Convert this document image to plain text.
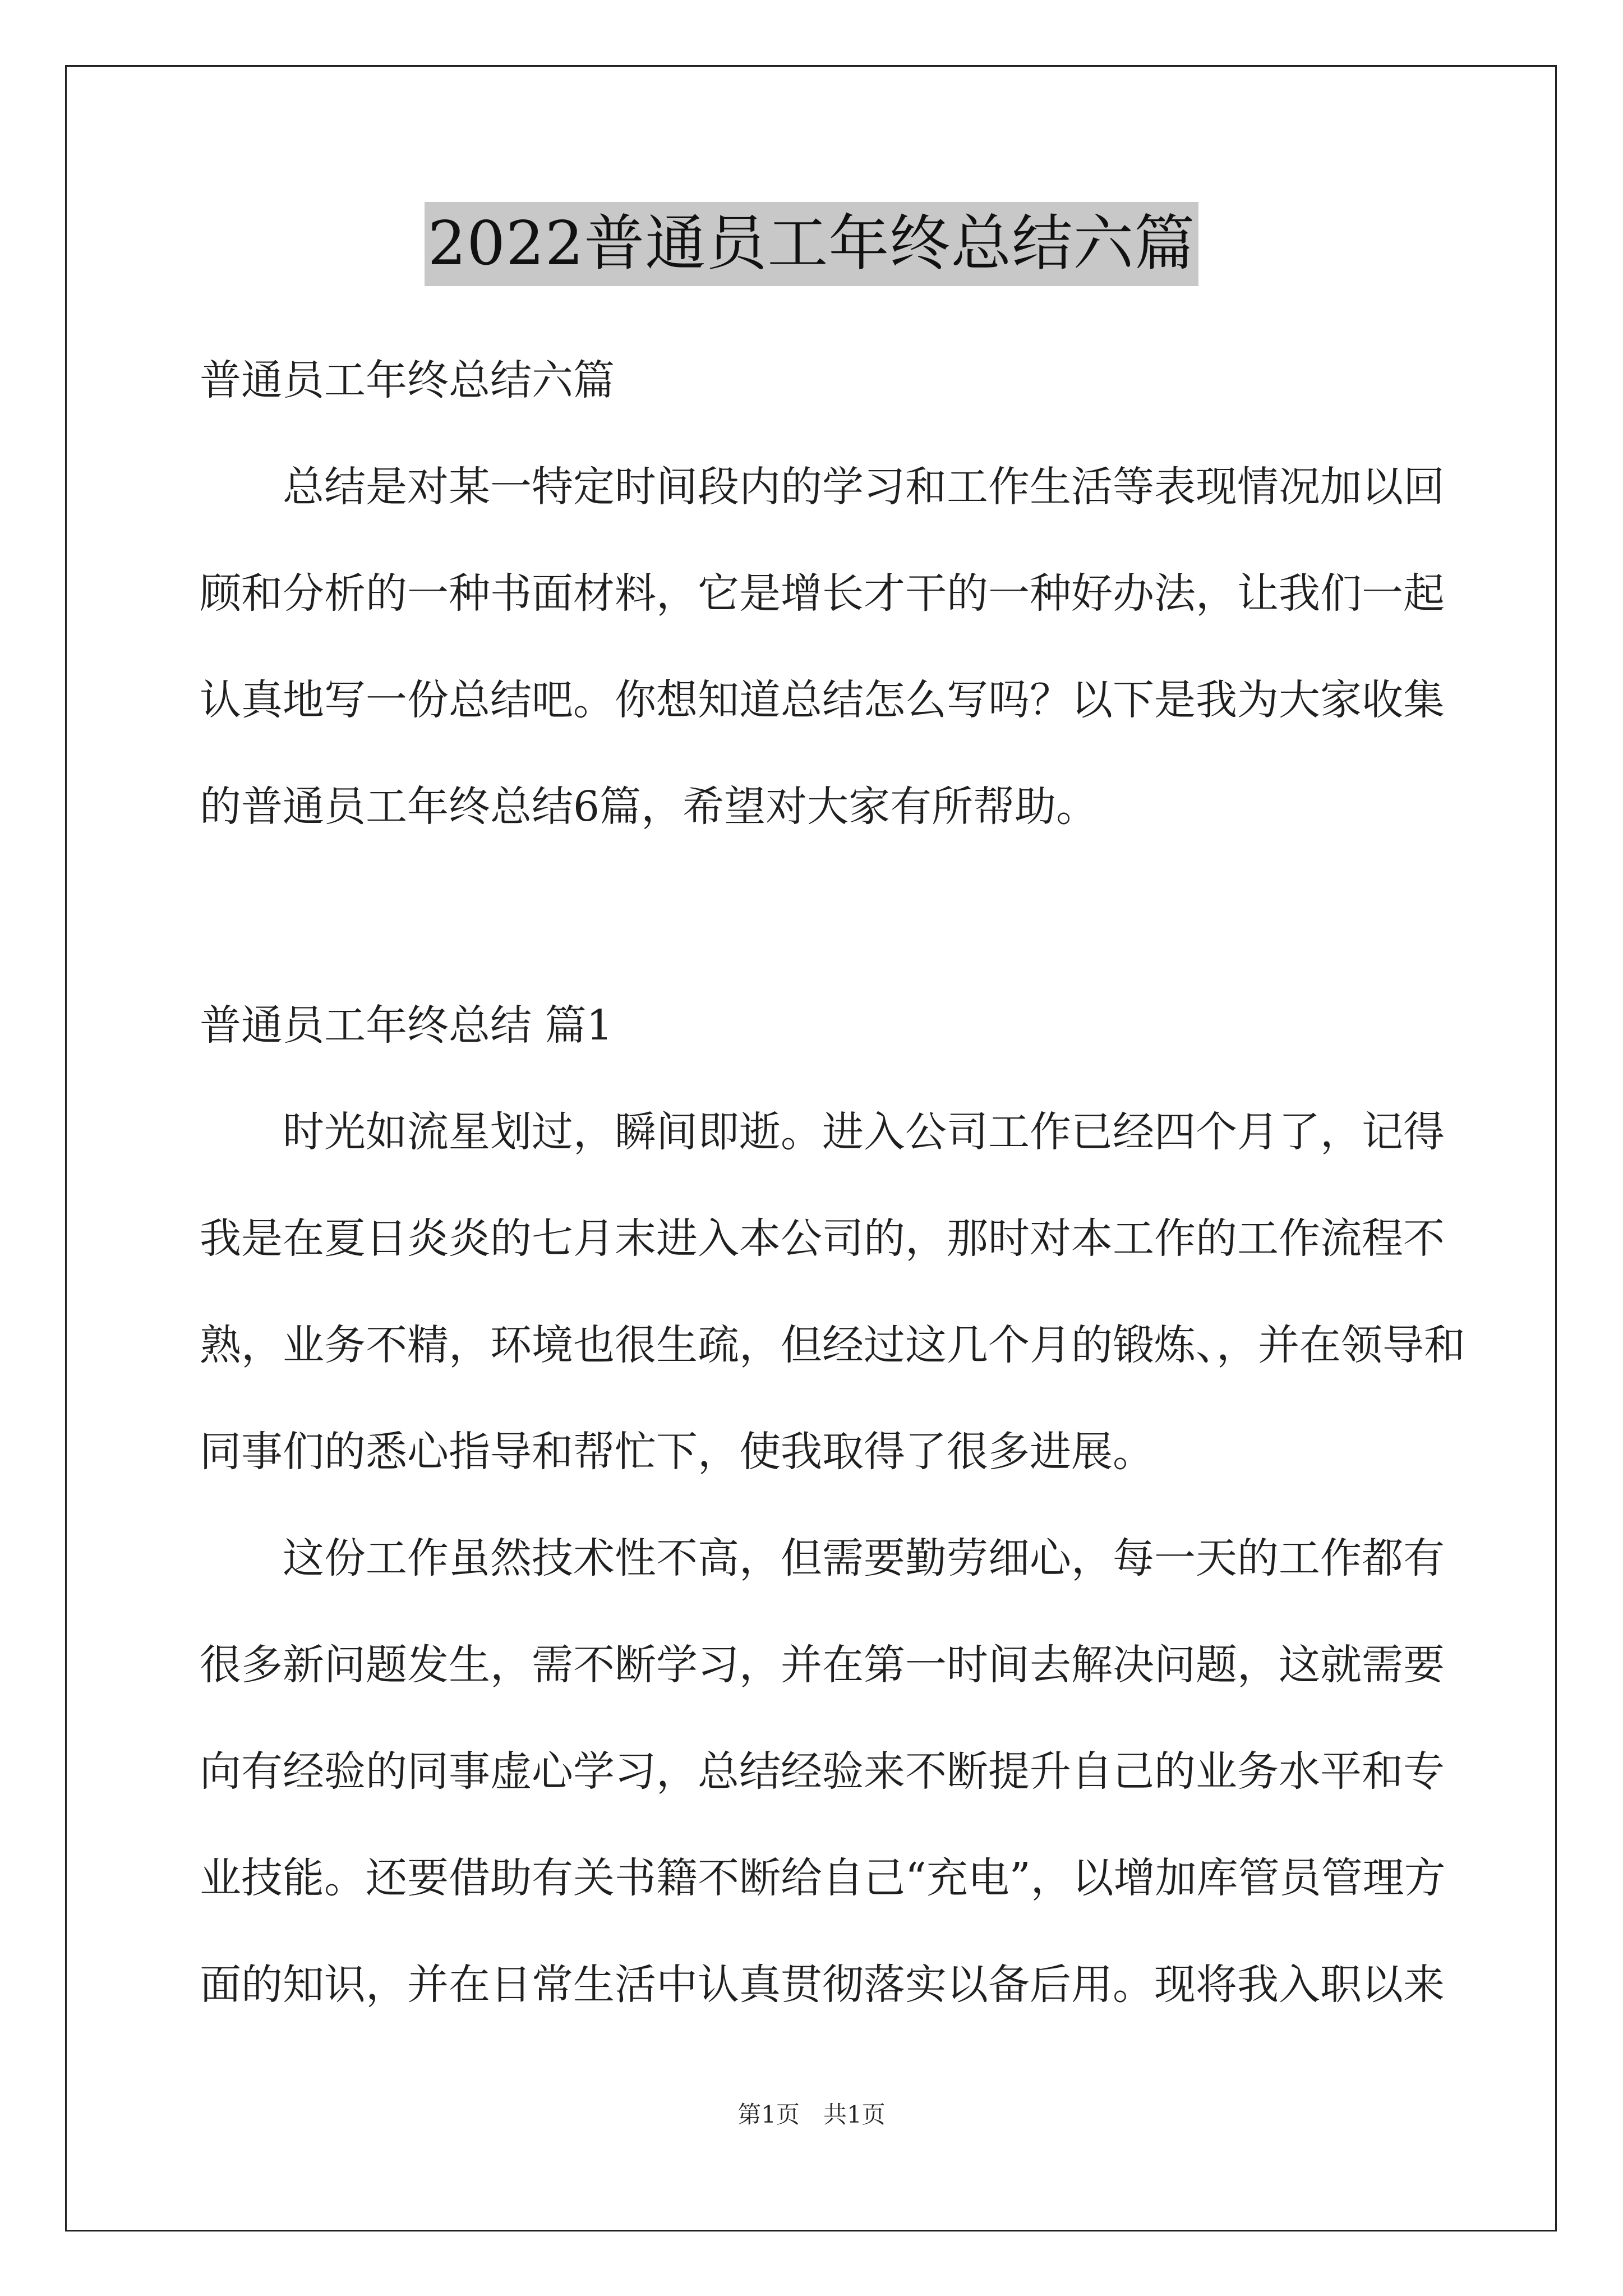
2022普通员工年终总结六篇
普通员工年终总结六篇
总结是对某一特定时间段内的学习和工作生活等表现情况加以回
顾和分析的一种书面材料，它是增长才干的一种好办法，让我们一起
认真地写一份总结吧。你想知道总结怎么写吗？以下是我为大家收集
的普通员工年终总结6篇，希望对大家有所帮助。
普通员工年终总结 篇1
时光如流星划过，瞬间即逝。进入公司工作已经四个月了，记得
我是在夏日炎炎的七月末进入本公司的，那时对本工作的工作流程不
熟，业务不精，环境也很生疏，但经过这几个月的锻炼、，并在领导和
同事们的悉心指导和帮忙下，使我取得了很多进展。
这份工作虽然技术性不高，但需要勤劳细心，每一天的工作都有
很多新问题发生，需不断学习，并在第一时间去解决问题，这就需要
向有经验的同事虚心学习，总结经验来不断提升自己的业务水平和专
业技能。还要借助有关书籍不断给自己“充电”，以增加库管员管理方
面的知识，并在日常生活中认真贯彻落实以备后用。现将我入职以来
第1页　共1页
